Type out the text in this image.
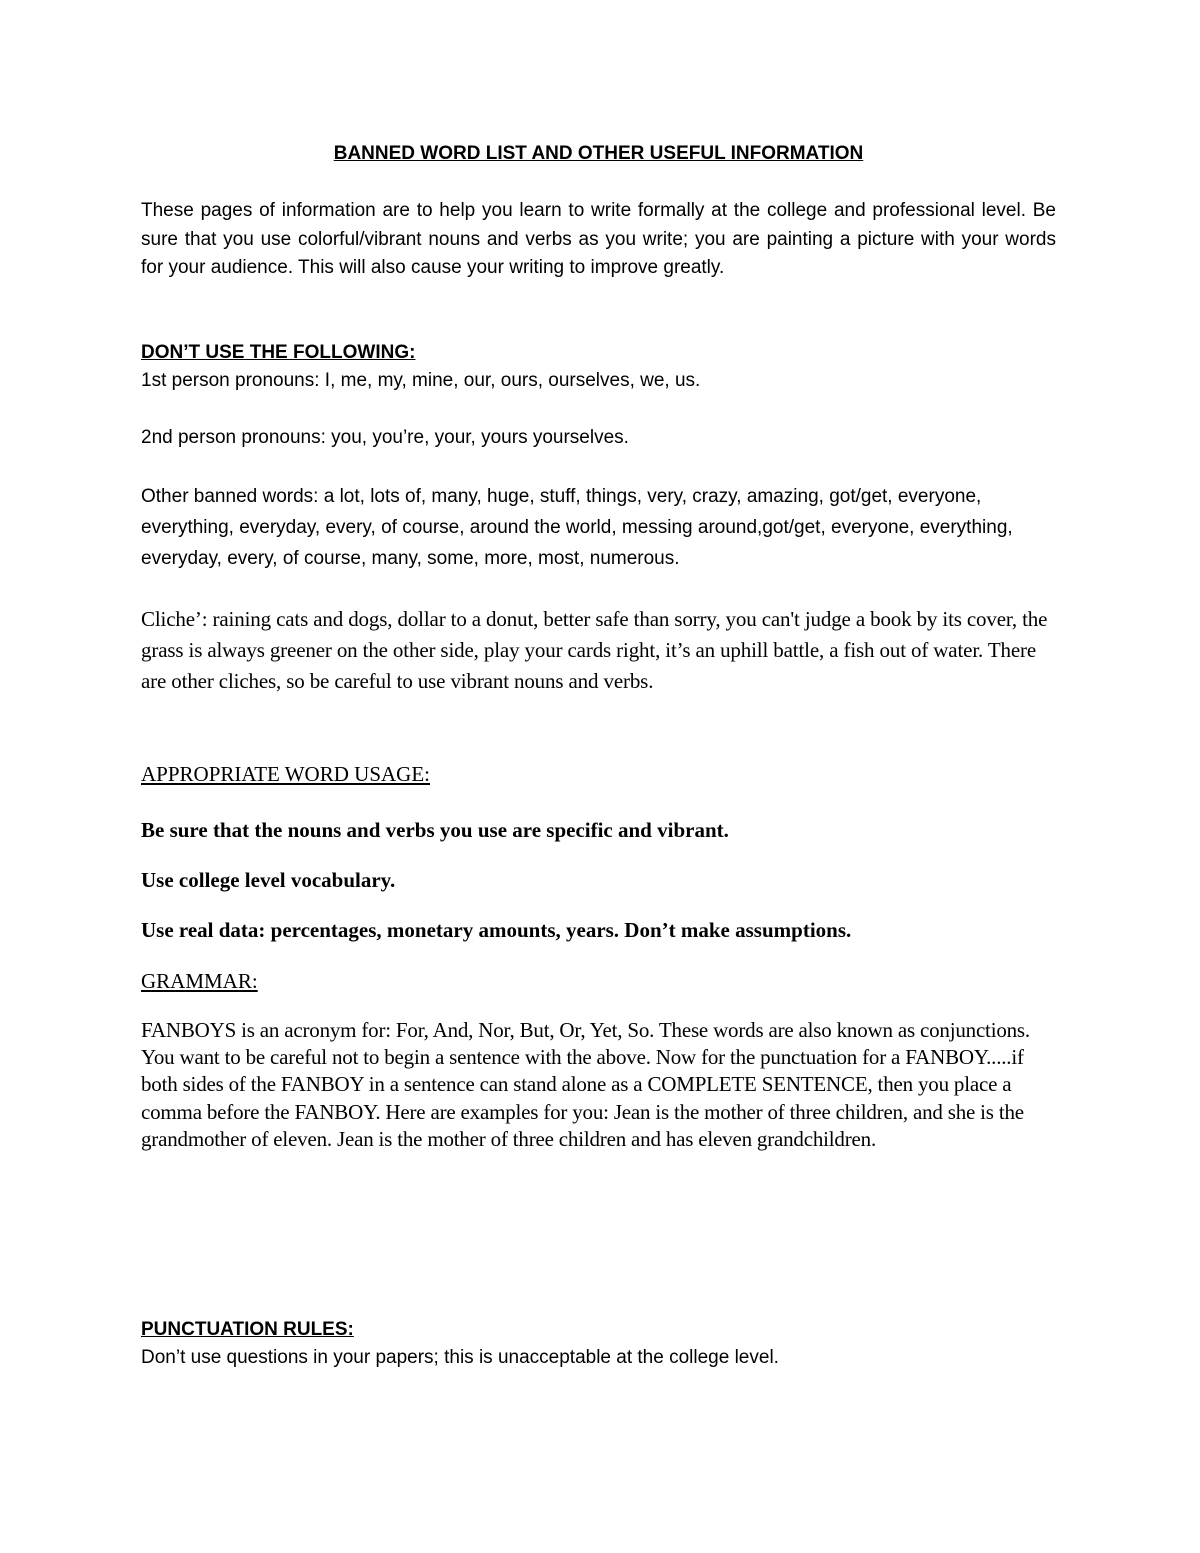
BANNED WORD LIST AND OTHER USEFUL INFORMATION

These pages of information are to help you learn to write formally at the college and professional level. Be sure that you use colorful/vibrant nouns and verbs as you write; you are painting a picture with your words for your audience. This will also cause your writing to improve greatly.

DON’T USE THE FOLLOWING:

1st person pronouns: I, me, my, mine, our, ours, ourselves, we, us.

2nd person pronouns: you, you’re, your, yours yourselves.

Other banned words: a lot, lots of, many, huge, stuff, things, very, crazy, amazing, got/get, everyone, everything, everyday, every, of course, around the world, messing around,got/get, everyone, everything, everyday, every, of course, many, some, more, most, numerous.

Cliche’: raining cats and dogs, dollar to a donut, better safe than sorry, you can't judge a book by its cover, the grass is always greener on the other side, play your cards right, it’s an uphill battle, a fish out of water. There are other cliches, so be careful to use vibrant nouns and verbs.

APPROPRIATE WORD USAGE:

Be sure that the nouns and verbs you use are specific and vibrant.

Use college level vocabulary.

Use real data: percentages, monetary amounts, years. Don’t make assumptions.

GRAMMAR:

FANBOYS is an acronym for: For, And, Nor, But, Or, Yet, So. These words are also known as conjunctions. You want to be careful not to begin a sentence with the above. Now for the punctuation for a FANBOY.....if both sides of the FANBOY in a sentence can stand alone as a COMPLETE SENTENCE, then you place a comma before the FANBOY. Here are examples for you: Jean is the mother of three children, and she is the grandmother of eleven. Jean is the mother of three children and has eleven grandchildren.

PUNCTUATION RULES:

Don’t use questions in your papers; this is unacceptable at the college level.
